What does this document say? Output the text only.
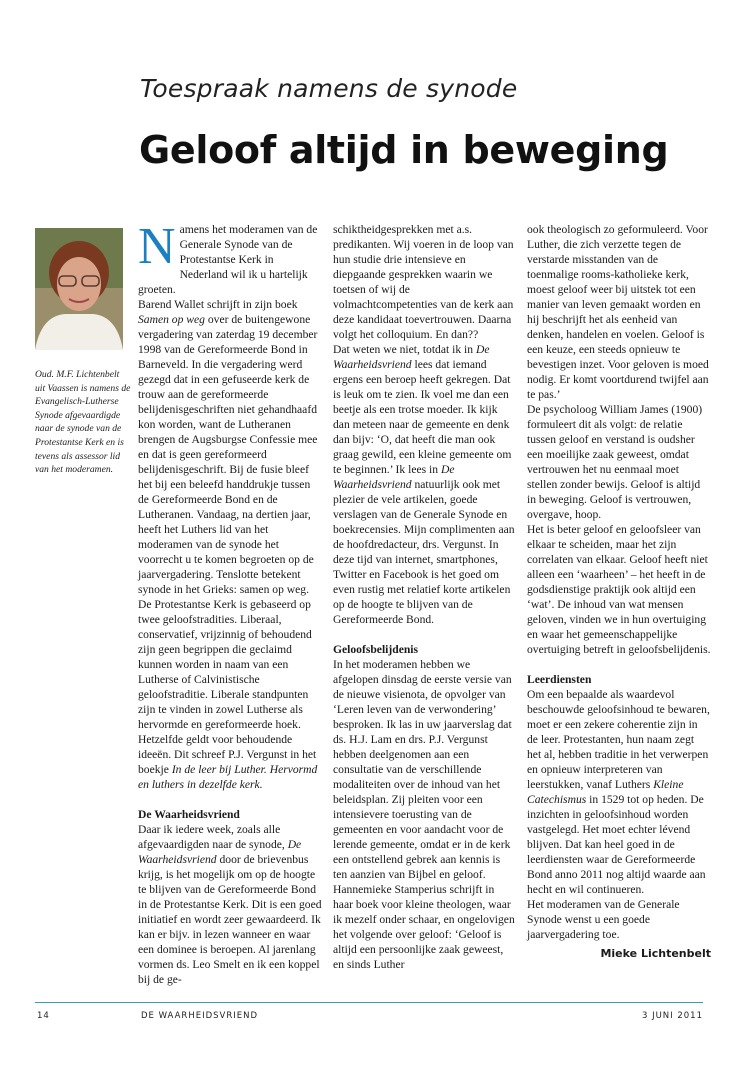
Toespraak namens de synode
Geloof altijd in beweging
Oud. M.F. Lichtenbelt uit Vaassen is namens de Evangelisch-Lutherse Synode afgevaardigde naar de synode van de Protestantse Kerk en is tevens als assessor lid van het moderamen.

Namens het moderamen van de Generale Synode van de Protestantse Kerk in Nederland wil ik u hartelijk groeten.

Barend Wallet schrijft in zijn boek Samen op weg over de buitengewone vergadering van zaterdag 19 december 1998 van de Gereformeerde Bond in Barneveld. In die vergadering werd gezegd dat in een gefuseerde kerk de trouw aan de gereformeerde belijdenisgeschriften niet gehandhaafd kon worden, want de Lutheranen brengen de Augsburgse Confessie mee en dat is geen gereformeerd belijdenisgeschrift. Bij de fusie bleef het bij een beleefd handdrukje tussen de Gereformeerde Bond en de Lutheranen. Vandaag, na dertien jaar, heeft het Luthers lid van het moderamen van de synode het voorrecht u te komen begroeten op de jaarvergadering. Tenslotte betekent synode in het Grieks: samen op weg.

De Protestantse Kerk is gebaseerd op twee geloofstradities. Liberaal, conservatief, vrijzinnig of behoudend zijn geen begrippen die geclaimd kunnen worden in naam van een Lutherse of Calvinistische geloofstraditie. Liberale standpunten zijn te vinden in zowel Lutherse als hervormde en gereformeerde hoek. Hetzelfde geldt voor behoudende ideeën. Dit schreef P.J. Vergunst in het boekje In de leer bij Luther. Hervormd en luthers in dezelfde kerk.

De Waarheidsvriend

Daar ik iedere week, zoals alle afgevaardigden naar de synode, De Waarheidsvriend door de brievenbus krijg, is het mogelijk om op de hoogte te blijven van de Gereformeerde Bond in de Protestantse Kerk. Dit is een goed initiatief en wordt zeer gewaardeerd. Ik kan er bijv. in lezen wanneer en waar een dominee is beroepen. Al jarenlang vormen ds. Leo Smelt en ik een koppel bij de ge-

schiktheidgesprekken met a.s. predikanten. Wij voeren in de loop van hun studie drie intensieve en diepgaande gesprekken waarin we toetsen of wij de volmachtcompetenties van de kerk aan deze kandidaat toevertrouwen. Daarna volgt het colloquium. En dan??

Dat weten we niet, totdat ik in De Waarheidsvriend lees dat iemand ergens een beroep heeft gekregen. Dat is leuk om te zien. Ik voel me dan een beetje als een trotse moeder. Ik kijk dan meteen naar de gemeente en denk dan bijv: ‘O, dat heeft die man ook graag gewild, een kleine gemeente om te beginnen.’ Ik lees in De Waarheidsvriend natuurlijk ook met plezier de vele artikelen, goede verslagen van de Generale Synode en boekrecensies. Mijn complimenten aan de hoofdredacteur, drs. Vergunst. In deze tijd van internet, smartphones, Twitter en Facebook is het goed om even rustig met relatief korte artikelen op de hoogte te blijven van de Gereformeerde Bond.

Geloofsbelijdenis

In het moderamen hebben we afgelopen dinsdag de eerste versie van de nieuwe visienota, de opvolger van ‘Leren leven van de verwondering’ besproken. Ik las in uw jaarverslag dat ds. H.J. Lam en drs. P.J. Vergunst hebben deelgenomen aan een consultatie van de verschillende modaliteiten over de inhoud van het beleidsplan. Zij pleiten voor een intensievere toerusting van de gemeenten en voor aandacht voor de lerende gemeente, omdat er in de kerk een ontstellend gebrek aan kennis is ten aanzien van Bijbel en geloof.

Hannemieke Stamperius schrijft in haar boek voor kleine theologen, waar ik mezelf onder schaar, en ongelovigen het volgende over geloof: ‘Geloof is altijd een persoonlijke zaak geweest, en sinds Luther

ook theologisch zo geformuleerd. Voor Luther, die zich verzette tegen de verstarde misstanden van de toenmalige rooms-katholieke kerk, moest geloof weer bij uitstek tot een manier van leven gemaakt worden en hij beschrijft het als eenheid van denken, handelen en voelen. Geloof is een keuze, een steeds opnieuw te bevestigen inzet. Voor geloven is moed nodig. Er komt voortdurend twijfel aan te pas.’

De psycholoog William James (1900) formuleert dit als volgt: de relatie tussen geloof en verstand is oudsher een moeilijke zaak geweest, omdat vertrouwen het nu eenmaal moet stellen zonder bewijs. Geloof is altijd in beweging. Geloof is vertrouwen, overgave, hoop.

Het is beter geloof en geloofsleer van elkaar te scheiden, maar het zijn correlaten van elkaar. Geloof heeft niet alleen een ‘waarheen’ – het heeft in de godsdienstige praktijk ook altijd een ‘wat’. De inhoud van wat mensen geloven, vinden we in hun overtuiging en waar het gemeenschappelijke overtuiging betreft in geloofsbelijdenis.

Leerdiensten

Om een bepaalde als waardevol beschouwde geloofsinhoud te bewaren, moet er een zekere coherentie zijn in de leer. Protestanten, hun naam zegt het al, hebben traditie in het verwerpen en opnieuw interpreteren van leerstukken, vanaf Luthers Kleine Catechismus in 1529 tot op heden. De inzichten in geloofsinhoud worden vastgelegd. Het moet echter lévend blijven. Dat kan heel goed in de leerdiensten waar de Gereformeerde Bond anno 2011 nog altijd waarde aan hecht en wil continueren.

Het moderamen van de Generale Synode wenst u een goede jaarvergadering toe.

Mieke Lichtenbelt
14	DE WAARHEIDSVRIEND	3 JUNI 2011
